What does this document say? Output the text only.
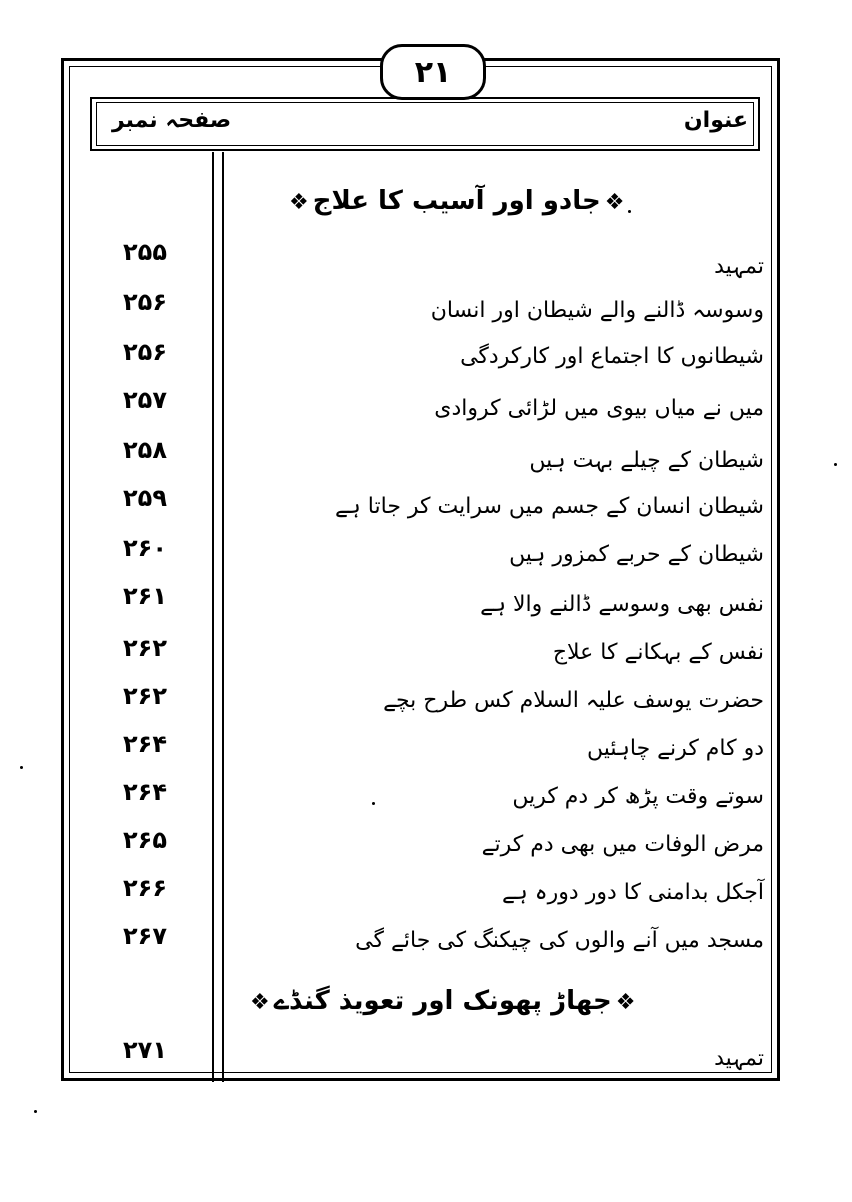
٢١
عنوان
صفحہ نمبر
❖جادو اور آسیب کا علاج❖
تمہید
۲۵۵
وسوسہ ڈالنے والے شیطان اور انسان
۲۵۶
شیطانوں کا اجتماع اور کارکردگی
۲۵۶
میں نے میاں بیوی میں لڑائی کروادی
۲۵۷
شیطان کے چیلے بہت ہیں
۲۵۸
شیطان انسان کے جسم میں سرایت کر جاتا ہے
۲۵۹
شیطان کے حربے کمزور ہیں
۲۶۰
نفس بھی وسوسے ڈالنے والا ہے
۲۶۱
نفس کے بہکانے کا علاج
۲۶۲
حضرت یوسف علیہ السلام کس طرح بچے
۲۶۲
دو کام کرنے چاہئیں
۲۶۴
سوتے وقت پڑھ کر دم کریں
۲۶۴
مرض الوفات میں بھی دم کرتے
۲۶۵
آجکل بدامنی کا دور دورہ ہے
۲۶۶
مسجد میں آنے والوں کی چیکنگ کی جائے گی
۲۶۷
❖جھاڑ پھونک اور تعویذ گنڈے❖
تمہید
۲۷۱
